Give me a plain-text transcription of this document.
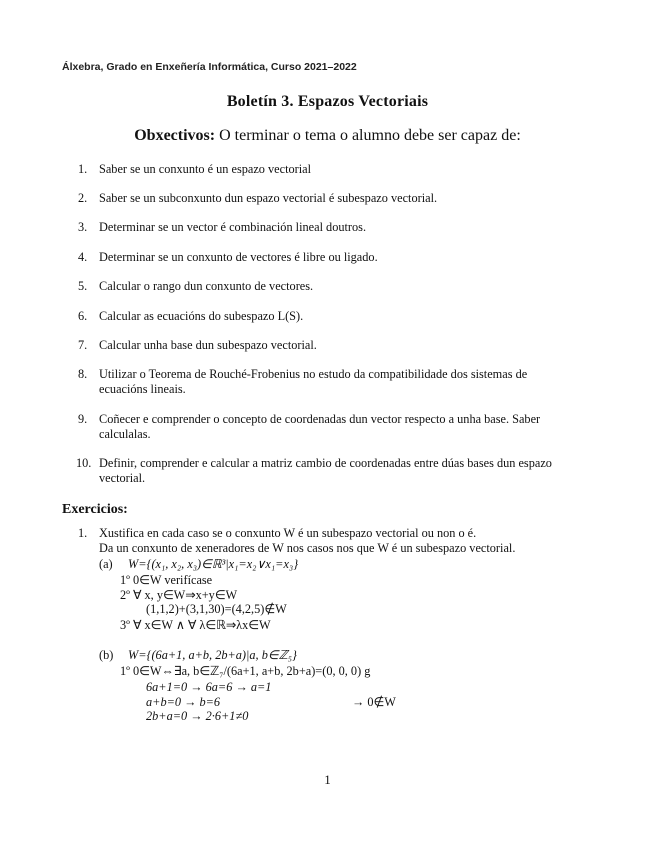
Álxebra, Grado en Enxeñería Informática, Curso 2021–2022
Boletín 3. Espazos Vectoriais
Obxectivos: O terminar o tema o alumno debe ser capaz de:
1. Saber se un conxunto é un espazo vectorial
2. Saber se un subconxunto dun espazo vectorial é subespazo vectorial.
3. Determinar se un vector é combinación lineal doutros.
4. Determinar se un conxunto de vectores é libre ou ligado.
5. Calcular o rango dun conxunto de vectores.
6. Calcular as ecuacións do subespazo L(S).
7. Calcular unha base dun subespazo vectorial.
8. Utilizar o Teorema de Rouché-Frobenius no estudo da compatibilidade dos sistemas de ecuacións lineais.
9. Coñecer e comprender o concepto de coordenadas dun vector respecto a unha base. Saber calculalas.
10. Definir, comprender e calcular a matriz cambio de coordenadas entre dúas bases dun espazo vectorial.
Exercicios:
1. Xustifica en cada caso se o conxunto W é un subespazo vectorial ou non o é.
Da un conxunto de xeneradores de W nos casos nos que W é un subespazo vectorial.
(a) W={(x₁, x₂, x₃)∈ℝ³|x₁=x₂∨x₁=x₃}
1º 0∈W verifícase
2º ∀ x, y∈W⇒x+y∈W
(1,1,2)+(3,1,30)=(4,2,5)∉W
3º ∀ x∈W ∧ ∀ λ∈ℝ⇒λx∈W
(b) W={(6a+1, a+b, 2b+a)|a, b∈ℤ₅}
1º 0∈W⇔∃a, b∈ℤ₇/(6a+1, a+b, 2b+a)=(0, 0, 0) g
6a+1=0 → 6a=6 → a=1
a+b=0 → b=6	→ 0∉W
2b+a=0 → 2·6+1≠0
1
